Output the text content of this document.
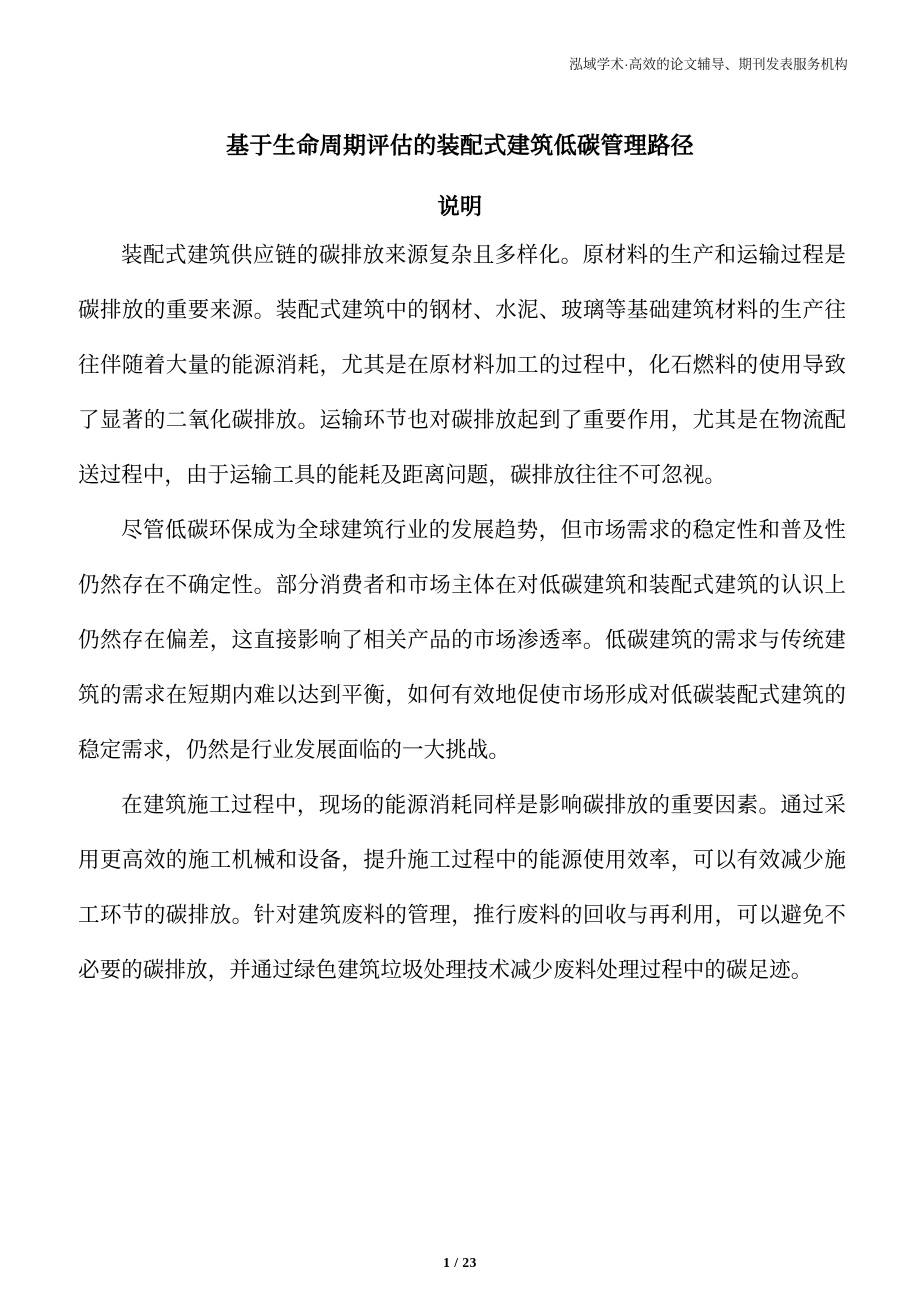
泓域学术·高效的论文辅导、期刊发表服务机构
基于生命周期评估的装配式建筑低碳管理路径
说明

装配式建筑供应链的碳排放来源复杂且多样化。原材料的生产和运输过程是碳排放的重要来源。装配式建筑中的钢材、水泥、玻璃等基础建筑材料的生产往往伴随着大量的能源消耗，尤其是在原材料加工的过程中，化石燃料的使用导致了显著的二氧化碳排放。运输环节也对碳排放起到了重要作用，尤其是在物流配送过程中，由于运输工具的能耗及距离问题，碳排放往往不可忽视。

尽管低碳环保成为全球建筑行业的发展趋势，但市场需求的稳定性和普及性仍然存在不确定性。部分消费者和市场主体在对低碳建筑和装配式建筑的认识上仍然存在偏差，这直接影响了相关产品的市场渗透率。低碳建筑的需求与传统建筑的需求在短期内难以达到平衡，如何有效地促使市场形成对低碳装配式建筑的稳定需求，仍然是行业发展面临的一大挑战。

在建筑施工过程中，现场的能源消耗同样是影响碳排放的重要因素。通过采用更高效的施工机械和设备，提升施工过程中的能源使用效率，可以有效减少施工环节的碳排放。针对建筑废料的管理，推行废料的回收与再利用，可以避免不必要的碳排放，并通过绿色建筑垃圾处理技术减少废料处理过程中的碳足迹。

1 / 23
